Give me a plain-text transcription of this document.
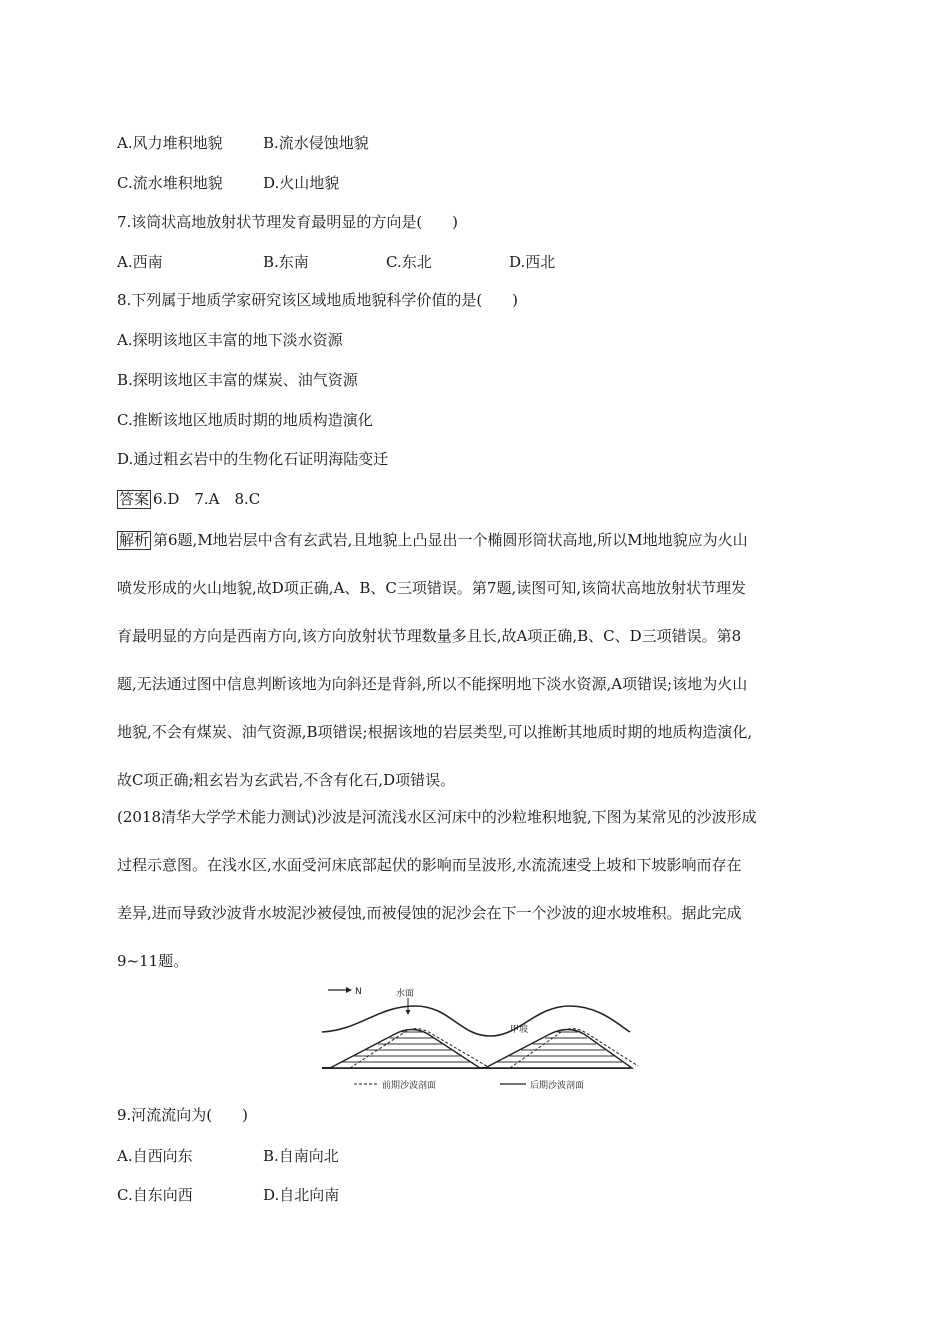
A.风力堆积地貌	B.流水侵蚀地貌
C.流水堆积地貌	D.火山地貌
7.该筒状高地放射状节理发育最明显的方向是(　　)
A.西南	B.东南	C.东北	D.西北
8.下列属于地质学家研究该区域地质地貌科学价值的是(　　)
A.探明该地区丰富的地下淡水资源
B.探明该地区丰富的煤炭、油气资源
C.推断该地区地质时期的地质构造演化
D.通过粗玄岩中的生物化石证明海陆变迁
答案 6.D　7.A　8.C
解析 第6题,M地岩层中含有玄武岩,且地貌上凸显出一个椭圆形筒状高地,所以M地地貌应为火山
喷发形成的火山地貌,故D项正确,A、B、C三项错误。第7题,读图可知,该筒状高地放射状节理发
育最明显的方向是西南方向,该方向放射状节理数量多且长,故A项正确,B、C、D三项错误。第8
题,无法通过图中信息判断该地为向斜还是背斜,所以不能探明地下淡水资源,A项错误;该地为火山
地貌,不会有煤炭、油气资源,B项错误;根据该地的岩层类型,可以推断其地质时期的地质构造演化,
故C项正确;粗玄岩为玄武岩,不含有化石,D项错误。
(2018清华大学学术能力测试)沙波是河流浅水区河床中的沙粒堆积地貌,下图为某常见的沙波形成
过程示意图。在浅水区,水面受河床底部起伏的影响而呈波形,水流流速受上坡和下坡影响而存在
差异,进而导致沙波背水坡泥沙被侵蚀,而被侵蚀的泥沙会在下一个沙波的迎水坡堆积。据此完成
9~11题。
N	水面
甲坡
前期沙波剖面	后期沙波剖面
9.河流流向为(　　)
A.自西向东	B.自南向北
C.自东向西	D.自北向南
